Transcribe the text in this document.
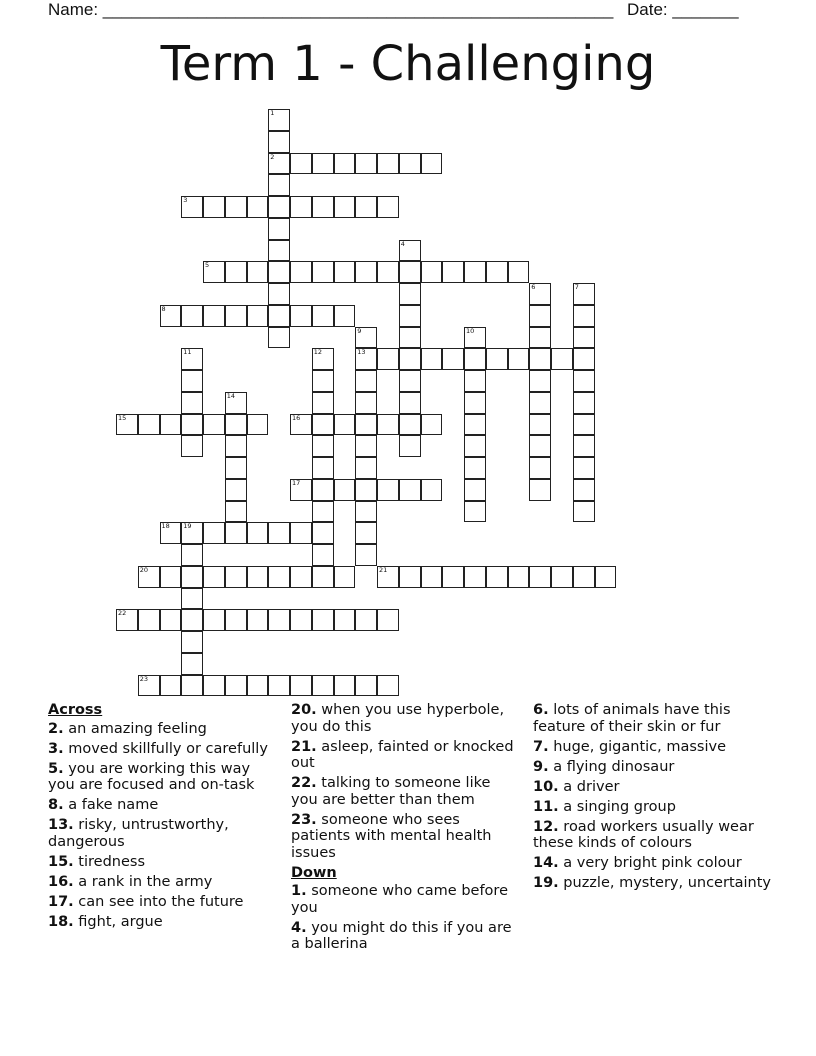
Name: ______________________________________________________ Date: _______
Term 1 - Challenging
1
2
3
4
5
6	7
8
9
13
10
11	12
14
15	16
17
18 19
20	21
22
23
Across
2. an amazing feeling
3. moved skillfully or carefully
5. you are working this way you are focused and on-task
8. a fake name
13. risky, untrustworthy, dangerous
15. tiredness
16. a rank in the army
17. can see into the future
18. fight, argue
20. when you use hyperbole, you do this
21. asleep, fainted or knocked out
22. talking to someone like you are better than them
23. someone who sees patients with mental health issues
Down
1. someone who came before you
4. you might do this if you are a ballerina
6. lots of animals have this feature of their skin or fur
7. huge, gigantic, massive
9. a flying dinosaur
10. a driver
11. a singing group
12. road workers usually wear these kinds of colours
14. a very bright pink colour
19. puzzle, mystery, uncertainty
